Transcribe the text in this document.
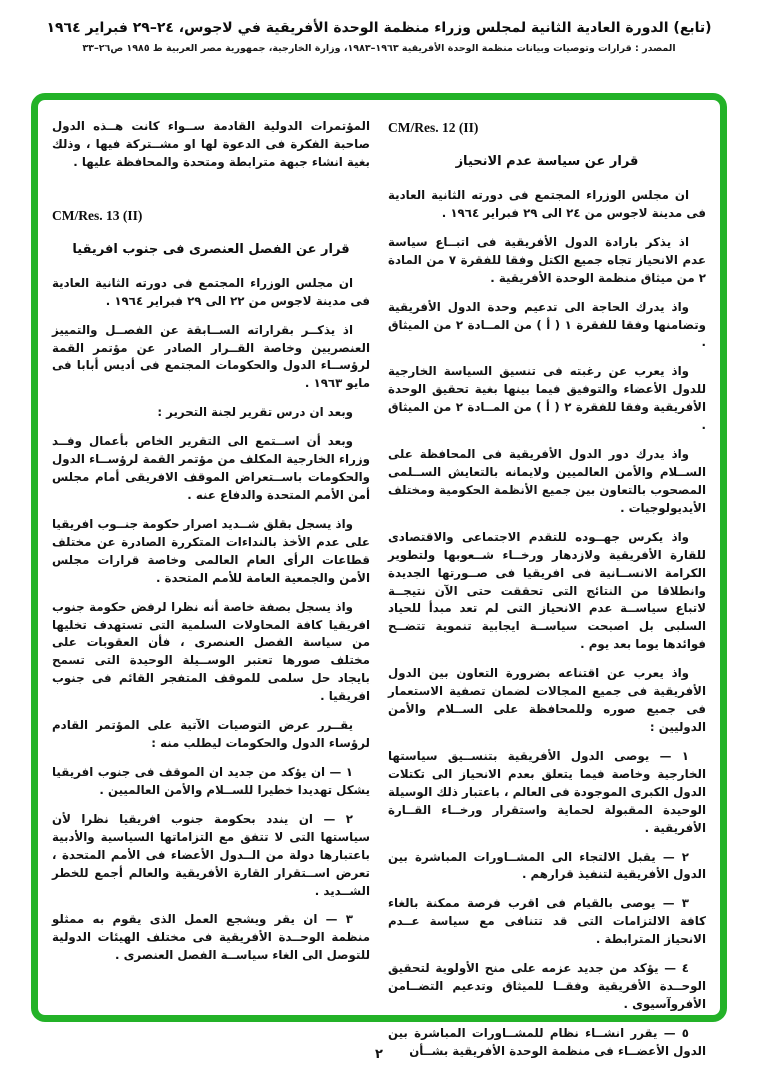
(تابع) الدورة العادية الثانية لمجلس وزراء منظمة الوحدة الأفريقية في لاجوس، ٢٤–٢٩ فبراير ١٩٦٤
المصدر : قرارات وتوصيات وبيانات منظمة الوحدة الأفريقية ١٩٦٣–١٩٨٣، وزارة الخارجية، جمهورية مصر العربية ط ١٩٨٥ ص٢٦–٣٣
CM/Res. 12 (II)
قرار عن سياسة عدم الانحياز

ان مجلس الوزراء المجتمع فى دورته الثانية العادية فى مدينة لاجوس من ٢٤ الى ٢٩ فبراير ١٩٦٤ .

اذ يذكر بارادة الدول الأفريقية فى اتبــاع سياسة عدم الانحياز تجاه جميع الكتل وفقا للفقرة ٧ من المادة ٢ من ميثاق منظمة الوحدة الأفريقية .

واذ يدرك الحاجة الى تدعيم وحدة الدول الأفريقية وتضامنها وفقا للفقرة ١ ( أ ) من المــادة ٢ من الميثاق .

واذ يعرب عن رغبته فى تنسيق السياسة الخارجية للدول الأعضاء والتوفيق فيما بينها بغية تحقيق الوحدة الأفريقية وفقا للفقرة ٢ ( أ ) من المــادة ٢ من الميثاق .

واذ يدرك دور الدول الأفريقية فى المحافظة على الســلام والأمن العالميين ولايمانه بالتعايش الســلمى المصحوب بالتعاون بين جميع الأنظمة الحكومية ومختلف الأيديولوجيات .

واذ يكرس جهــوده للتقدم الاجتماعى والاقتصادى للقارة الأفريقية ولازدهار ورخــاء شــعوبها ولتطوير الكرامة الانســانية فى افريقيا فى صــورتها الجديدة وانطلاقا من النتائج التى تحققت حتى الآن نتيجــة لاتباع سياســة عدم الانحياز التى لم تعد مبدأ للحياد السلبى بل اصبحت سياســة ايجابية تنموية تتضــح فوائدها يوما بعد يوم .

واذ يعرب عن اقتناعه بضرورة التعاون بين الدول الأفريقية فى جميع المجالات لضمان تصفية الاستعمار فى جميع صوره وللمحافظة على الســلام والأمن الدوليين :

١ — يوصى الدول الأفريقية بتنســيق سياستها الخارجية وخاصة فيما يتعلق بعدم الانحياز الى تكتلات الدول الكبرى الموجودة فى العالم ، باعتبار ذلك الوسيلة الوحيدة المقبولة لحماية واستقرار ورخــاء القــارة الأفريقية .

٢ — يقبل الالتجاء الى المشــاورات المباشرة بين الدول الأفريقية لتنفيذ قرارهم .

٣ — يوصى بالقيام فى اقرب فرصة ممكنة بالغاء كافة الالتزامات التى قد تتنافى مع سياسة عــدم الانحياز المترابطة .

٤ — يؤكد من جديد عزمه على منح الأولوية لتحقيق الوحــدة الأفريقية وفقــا للميثاق وتدعيم التضــامن الأفروآسيوى .

٥ — يقرر انشــاء نظام للمشــاورات المباشرة بين الدول الأعضــاء فى منظمة الوحدة الأفريقية بشــأن

المؤتمرات الدولية القادمة ســواء كانت هــذه الدول صاحبة الفكرة فى الدعوة لها او مشــتركة فيها ، وذلك بغية انشاء جبهة مترابطة ومتحدة والمحافظة عليها .

CM/Res. 13 (II)
قرار عن الفصل العنصرى فى جنوب افريقيا

ان مجلس الوزراء المجتمع فى دورته الثانية العادية فى مدينة لاجوس من ٢٢ الى ٢٩ فبراير ١٩٦٤ .

اذ يذكــر بقراراته الســابقة عن الفصــل والتمييز العنصريين وخاصة القــرار الصادر عن مؤتمر القمة لرؤســاء الدول والحكومات المجتمع فى أديس أبابا فى مايو ١٩٦٣ .

وبعد ان درس تقرير لجنة التحرير :

وبعد أن اســتمع الى التقرير الخاص بأعمال وفــد وزراء الخارجية المكلف من مؤتمر القمة لرؤســاء الدول والحكومات باســتعراض الموقف الافريقى أمام مجلس أمن الأمم المتحدة والدفاع عنه .

واذ يسجل بقلق شــديد اصرار حكومة جنــوب افريقيا على عدم الأخذ بالنداءات المتكررة الصادرة عن مختلف قطاعات الرأى العام العالمى وخاصة قرارات مجلس الأمن والجمعية العامة للأمم المتحدة .

واذ يسجل بصفة خاصة أنه نظرا لرفض حكومة جنوب افريقيا كافة المحاولات السلمية التى تستهدف تخليها من سياسة الفصل العنصرى ، فأن العقوبات على مختلف صورها تعتبر الوســيلة الوحيدة التى تسمح بايجاد حل سلمى للموقف المتفجر القائم فى جنوب افريقيا .

يقــرر عرض التوصيات الآتية على المؤتمر القادم لرؤساء الدول والحكومات ليطلب منه :

١ — ان يؤكد من جديد ان الموقف فى جنوب افريقيا يشكل تهديدا خطيرا للســلام والأمن العالميين .

٢ — ان يندد بحكومة جنوب افريقيا نظرا لأن سياستها التى لا تتفق مع التزاماتها السياسية والأدبية باعتبارها دولة من الــدول الأعضاء فى الأمم المتحدة ، تعرض اســتقرار القارة الأفريقية والعالم أجمع للخطر الشــديد .

٣ — ان يقر ويشجع العمل الذى يقوم به ممثلو منظمة الوحــدة الأفريقية فى مختلف الهيئات الدولية للتوصل الى الغاء سياســة الفصل العنصرى .

٢
